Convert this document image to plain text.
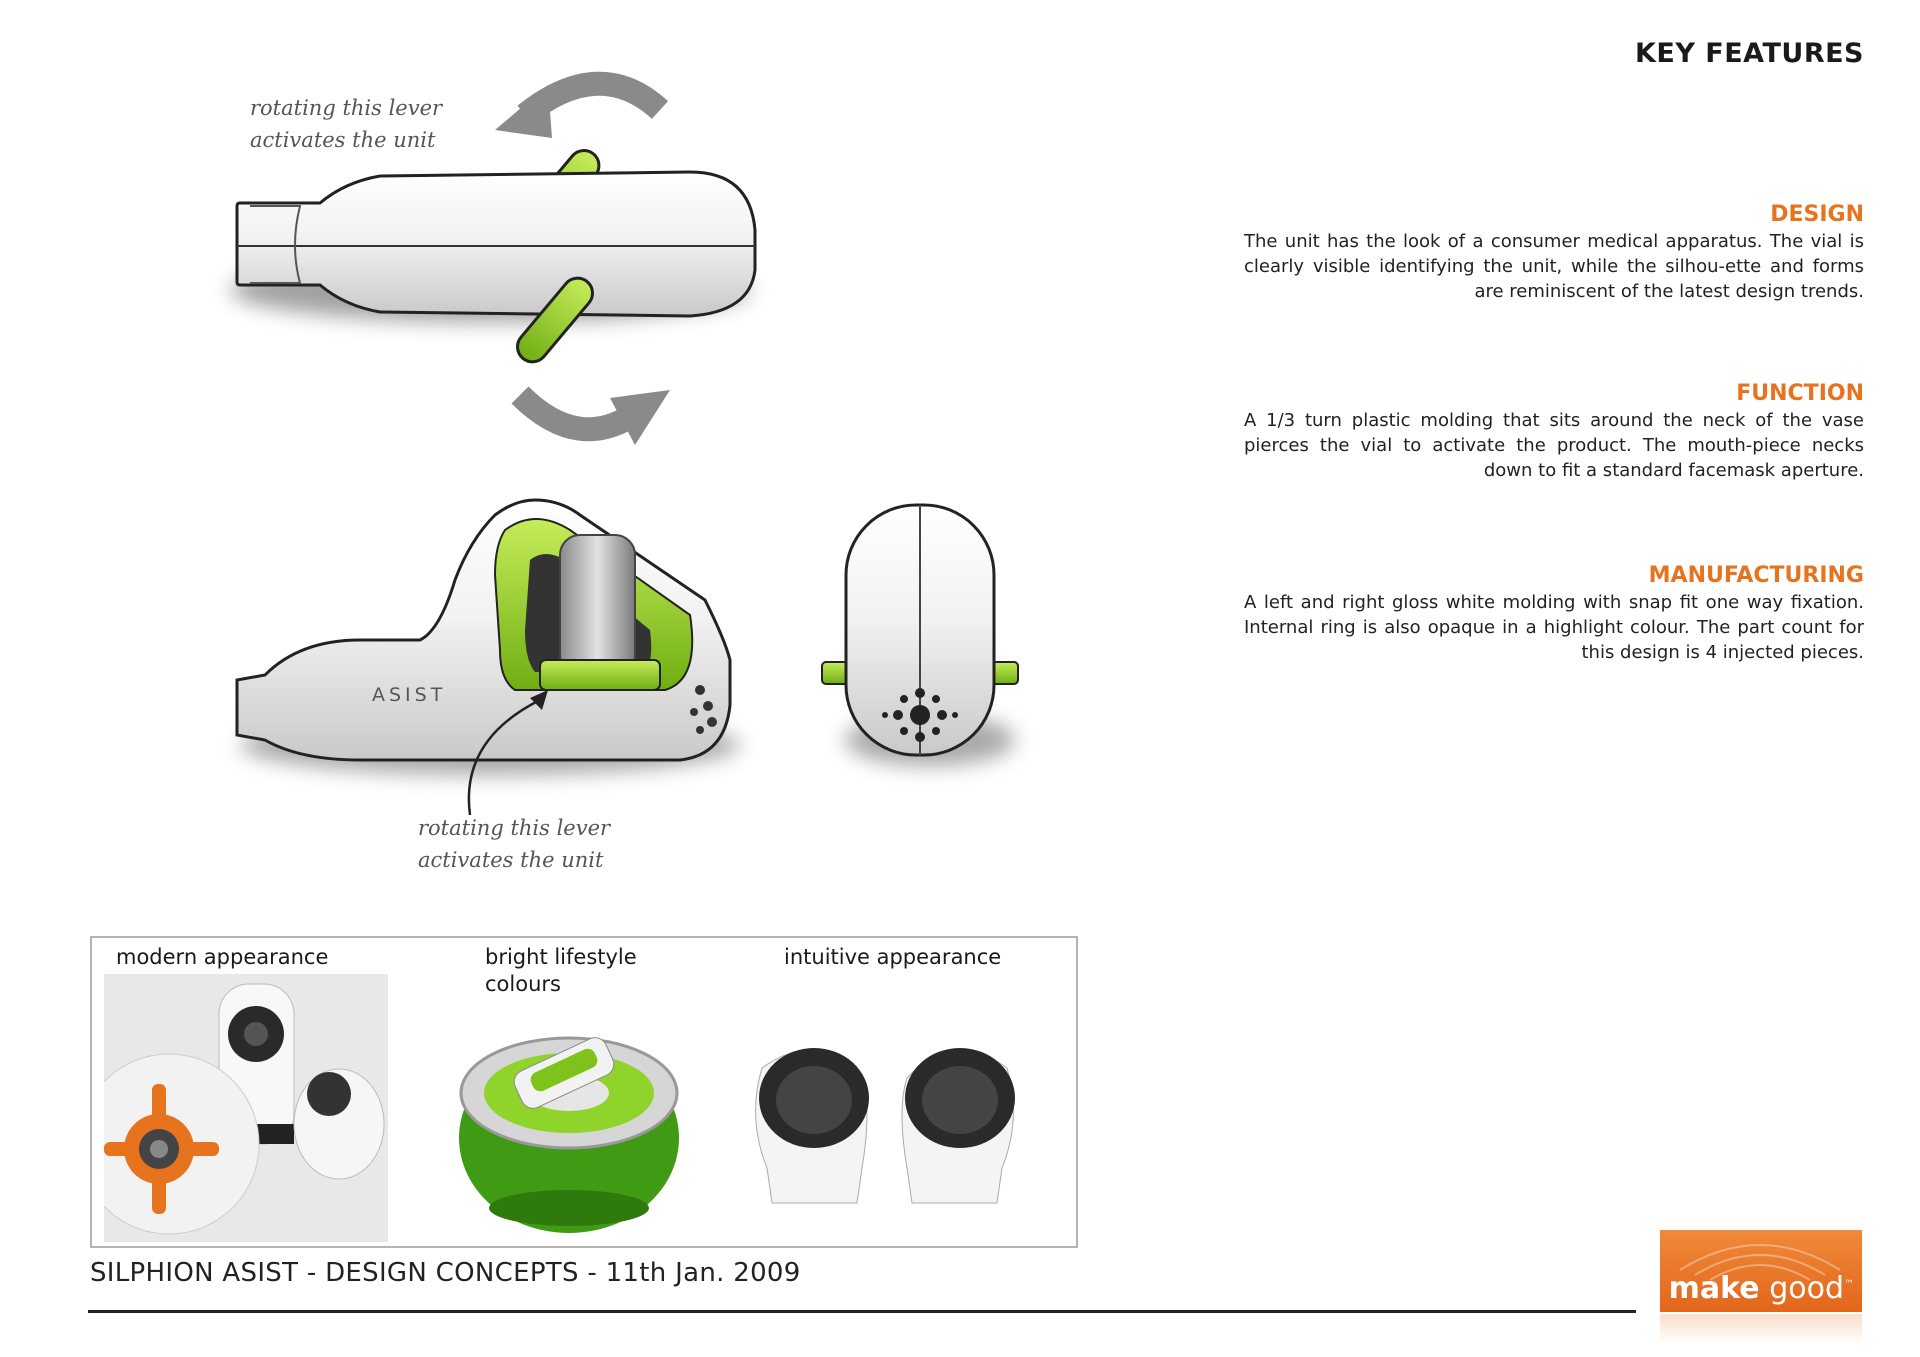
KEY FEATURES
DESIGN

The unit has the look of a consumer medical apparatus. The vial is clearly visible identifying the unit, while the silhou-ette and forms are reminiscent of the latest design trends.

FUNCTION

A 1/3 turn plastic molding that sits around the neck of the vase pierces the vial to activate the product. The mouth-piece necks down to fit a standard facemask aperture.

MANUFACTURING

A left and right gloss white molding with snap fit one way fixation. Internal ring is also opaque in a highlight colour. The part count for this design is 4 injected pieces.

rotating this lever
activates the unit
ASIST
rotating this lever
activates the unit
modern appearance	bright lifestyle
colours
intuitive appearance
SILPHION ASIST - DESIGN CONCEPTS - 11th Jan. 2009	make good™
